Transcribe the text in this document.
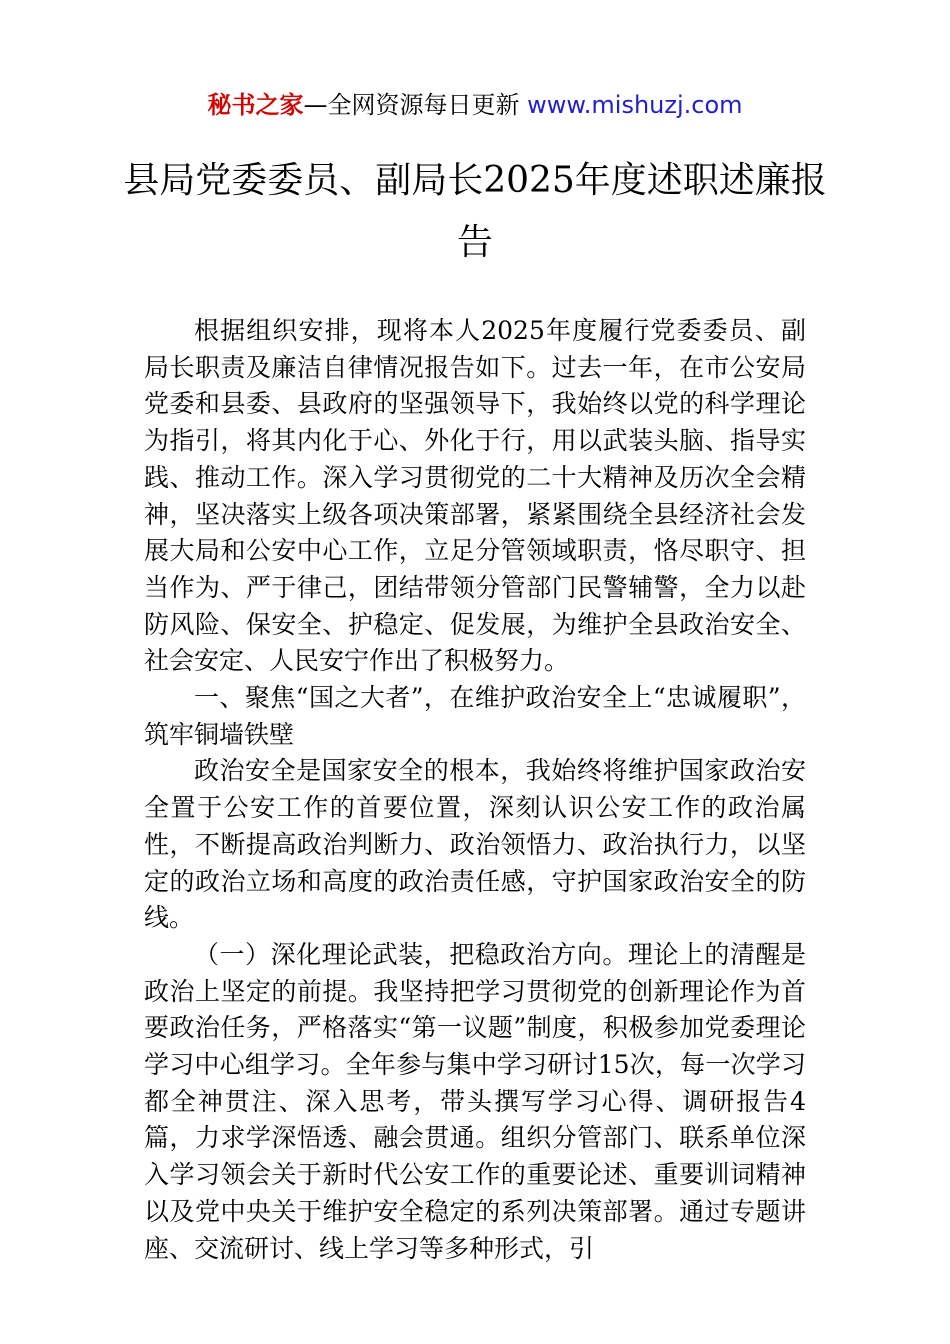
秘书之家—全网资源每日更新 www.mishuzj.com
县局党委委员、副局长2025年度述职述廉报告

根据组织安排，现将本人2025年度履行党委委员、副局长职责及廉洁自律情况报告如下。过去一年，在市公安局党委和县委、县政府的坚强领导下，我始终以党的科学理论为指引，将其内化于心、外化于行，用以武装头脑、指导实践、推动工作。深入学习贯彻党的二十大精神及历次全会精神，坚决落实上级各项决策部署，紧紧围绕全县经济社会发展大局和公安中心工作，立足分管领域职责，恪尽职守、担当作为、严于律己，团结带领分管部门民警辅警，全力以赴防风险、保安全、护稳定、促发展，为维护全县政治安全、社会安定、人民安宁作出了积极努力。

一、聚焦“国之大者”，在维护政治安全上“忠诚履职”，筑牢铜墙铁壁

政治安全是国家安全的根本，我始终将维护国家政治安全置于公安工作的首要位置，深刻认识公安工作的政治属性，不断提高政治判断力、政治领悟力、政治执行力，以坚定的政治立场和高度的政治责任感，守护国家政治安全的防线。

（一）深化理论武装，把稳政治方向。理论上的清醒是政治上坚定的前提。我坚持把学习贯彻党的创新理论作为首要政治任务，严格落实“第一议题”制度，积极参加党委理论学习中心组学习。全年参与集中学习研讨15次，每一次学习都全神贯注、深入思考，带头撰写学习心得、调研报告4篇，力求学深悟透、融会贯通。组织分管部门、联系单位深入学习领会关于新时代公安工作的重要论述、重要训词精神以及党中央关于维护安全稳定的系列决策部署。通过专题讲座、交流研讨、线上学习等多种形式，引
